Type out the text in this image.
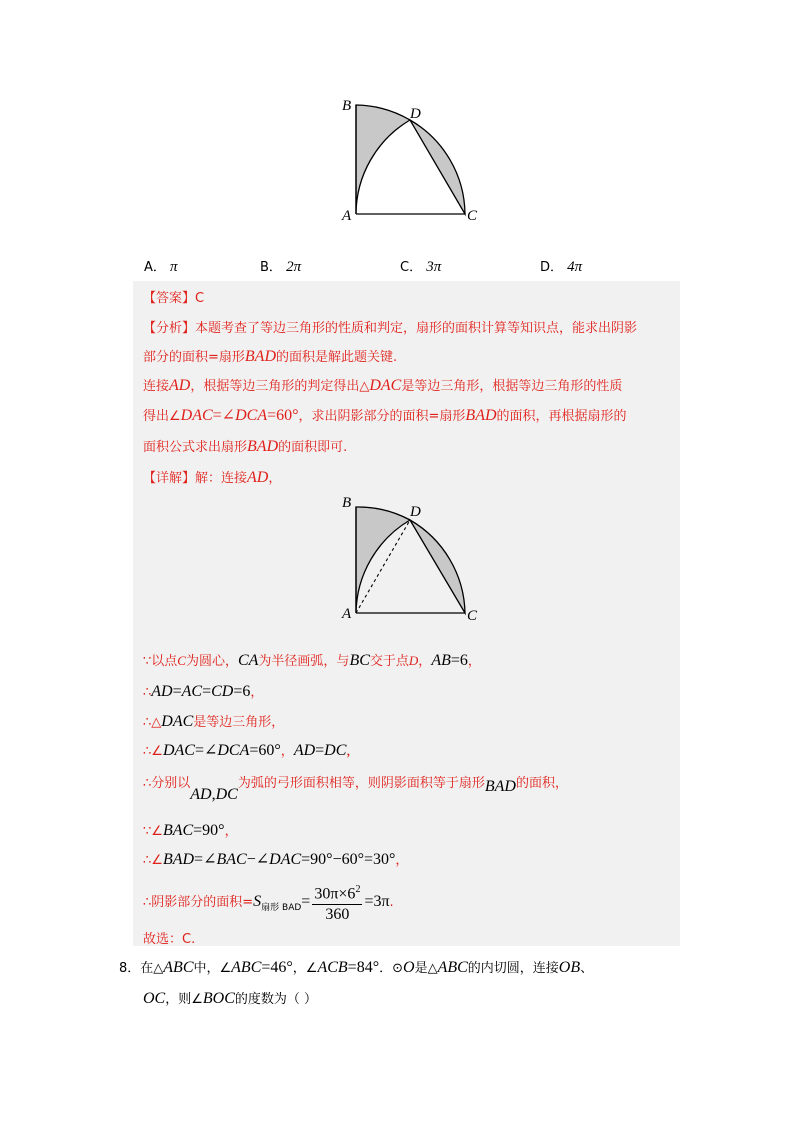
B	D
A	C
A． π	B． 2π	C． 3π	D． 4π
【答案】C
【分析】本题考查了等边三角形的性质和判定，扇形的面积计算等知识点，能求出阴影
部分的面积=扇形BAD的面积是解此题关键.
连接AD，根据等边三角形的判定得出△DAC是等边三角形，根据等边三角形的性质
得出∠DAC=∠DCA=60°，求出阴影部分的面积=扇形BAD的面积，再根据扇形的
面积公式求出扇形BAD的面积即可.
【详解】解：连接AD，
B
D
A	C
∵以点C为圆心，CA为半径画弧，与BC交于点D，AB=6，
∴AD=AC=CD=6，
∴△DAC是等边三角形，
∴∠DAC=∠DCA=60°，AD=DC,
∴分别以AD,DC为弧的弓形面积相等，则阴影面积等于扇形BAD的面积，
∵∠BAC=90°，
∴∠BAD=∠BAC−∠DAC=90°−60°=30°，
∴阴影部分的面积$=S_{扇形 BAD}= \frac{30\pi\times 6^2}{360} =3\pi$.
故选：C.
8．在△ABC中，∠ABC=46°，∠ACB=84°．⊙O是△ABC的内切圆，连接OB、
OC，则∠BOC的度数为（ ）
